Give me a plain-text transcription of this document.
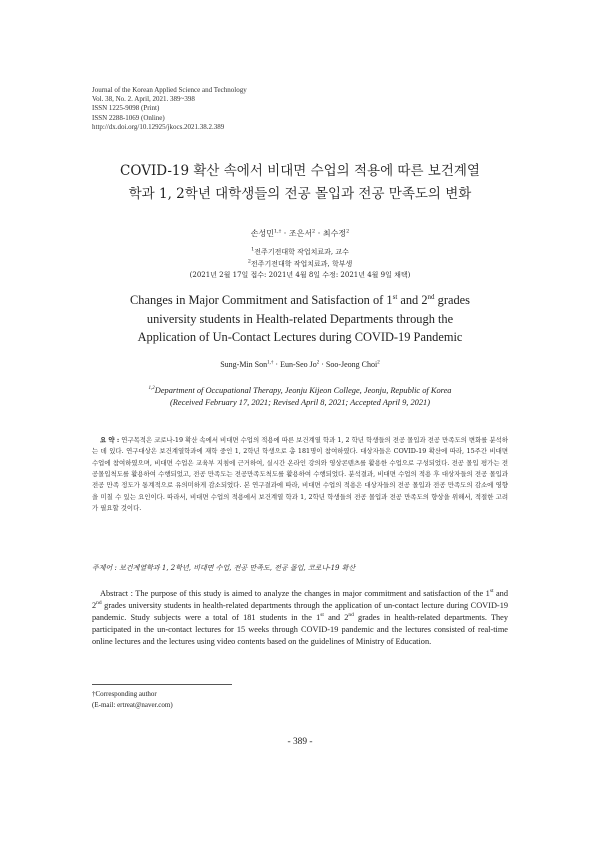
Journal of the Korean Applied Science and Technology
Vol. 38, No. 2. April, 2021. 389~398
ISSN 1225-9098 (Print)
ISSN 2288-1069 (Online)
http://dx.doi.org/10.12925/jkocs.2021.38.2.389
COVID-19 확산 속에서 비대면 수업의 적용에 따른 보건계열
학과 1, 2학년 대학생들의 전공 몰입과 전공 만족도의 변화
손성민$^{1,\dagger}$ · 조은서$^2$ · 최수정$^2$
$^1$전주기전대학 작업치료과, 교수
$^2$전주기전대학 작업치료과, 학부생
(2021년 2월 17일 접수: 2021년 4월 8일 수정: 2021년 4월 9일 채택)
Changes in Major Commitment and Satisfaction of 1st and 2nd grades
university students in Health-related Departments through the
Application of Un-Contact Lectures during COVID-19 Pandemic
Sung-Min Son$^{1,\dagger}$ · Eun-Seo $Jo^2$ · Soo-Jeong Choi$^2$
$^{1,2}$Department of Occupational Therapy, Jeonju Kijeon College, Jeonju, Republic of Korea
(Received February 17, 2021; Revised April 8, 2021; Accepted April 9, 2021)
요 약 : 연구목적은 코로나-19 확산 속에서 비대면 수업의 적용에 따른 보건계열 학과 1, 2 학년 학생들의 전공 몰입과 전공 만족도의 변화를 분석하는 데 있다. 연구대상은 보건계열학과에 재학 중인 1, 2학년 학생으로 총 181명이 참여하였다. 대상자들은 COVID-19 확산에 따라, 15주간 비대면 수업에 참여하였으며, 비대면 수업은 교육부 지침에 근거하여, 실시간 온라인 강의와 영상콘텐츠를 활용한 수업으로 구성되었다. 전공 몰입 평가는 전공몰입척도를 활용하여 수행되었고, 전공 만족도는 전공만족도척도를 활용하여 수행되었다. 분석결과, 비대면 수업의 적용 후 대상자들의 전공 몰입과 전공 만족 정도가 통계적으로 유의미하게 감소되었다. 본 연구결과에 따라, 비대면 수업의 적용은 대상자들의 전공 몰입과 전공 만족도의 감소에 영향을 미칠 수 있는 요인이다. 따라서, 비대면 수업의 적용에서 보건계열 학과 1, 2학년 학생들의 전공 몰입과 전공 만족도의 향상을 위해서, 적절한 고려가 필요할 것이다.
주제어 : 보건계열학과 1, 2학년, 비대면 수업, 전공 만족도, 전공 몰입, 코로나-19 확산
Abstract : The purpose of this study is aimed to analyze the changes in major commitment and satisfaction of the 1st and 2nd grades university students in health-related departments through the application of un-contact lecture during COVID-19 pandemic. Study subjects were a total of 181 students in the 1st and 2nd grades in health-related departments. They participated in the un-contact lectures for 15 weeks through COVID-19 pandemic and the lectures consisted of real-time online lectures and the lectures using video contents based on the guidelines of Ministry of Education.
†Corresponding author
(E-mail: ertreat@naver.com)
- 389 -
